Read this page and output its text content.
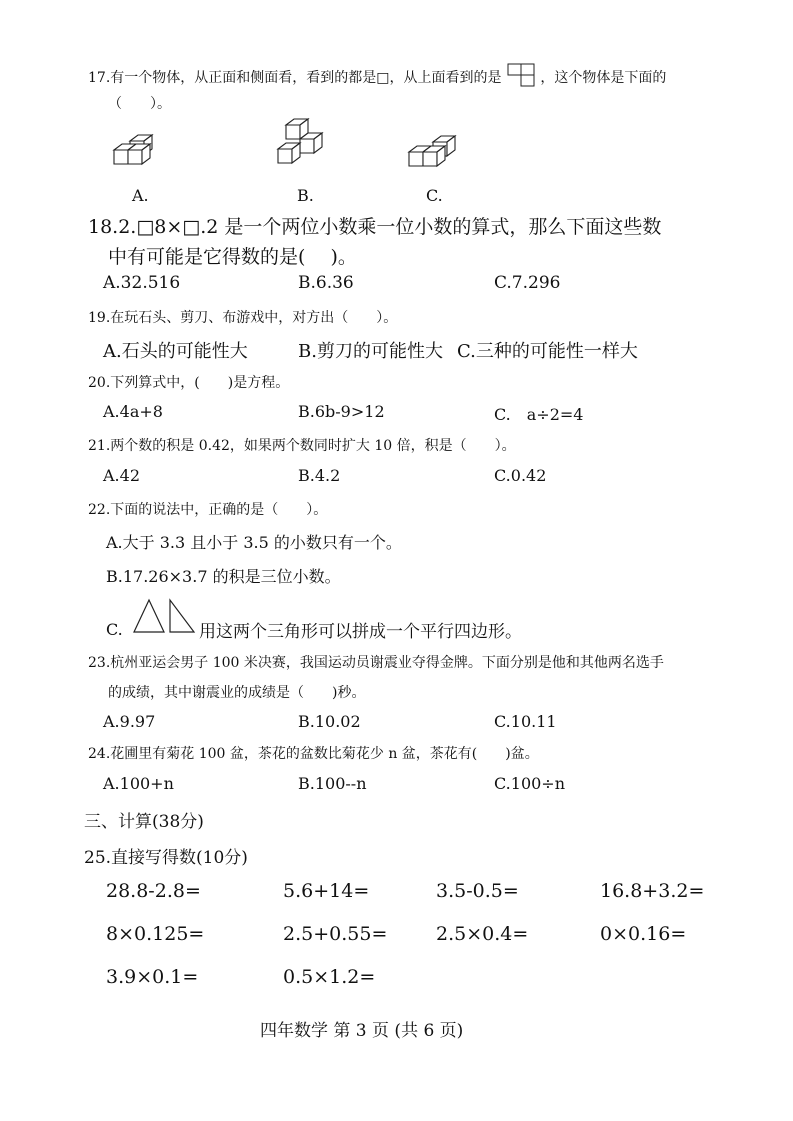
17.有一个物体，从正面和侧面看，看到的都是□，从上面看到的是	，这个物体是下面的
（　　）。
A.	B.	C.
18.2.□8×□.2 是一个两位小数乘一位小数的算式，那么下面这些数
中有可能是它得数的是(　 )。
A.32.516	B.6.36	C.7.296
19.在玩石头、剪刀、布游戏中，对方出（　　）。
A.石头的可能性大	B.剪刀的可能性大 C.三种的可能性一样大
20.下列算式中，(　　)是方程。
A.4a+8	B.6b-9>12	C.　a÷2=4
21.两个数的积是 0.42，如果两个数同时扩大 10 倍，积是（　　）。
A.42	B.4.2	C.0.42
22.下面的说法中，正确的是（　　）。
A.大于 3.3 且小于 3.5 的小数只有一个。
B.17.26×3.7 的积是三位小数。
C.	用这两个三角形可以拼成一个平行四边形。
23.杭州亚运会男子 100 米决赛，我国运动员谢震业夺得金牌。下面分别是他和其他两名选手
的成绩，其中谢震业的成绩是（　　)秒。
A.9.97	B.10.02	C.10.11
24.花圃里有菊花 100 盆，茶花的盆数比菊花少 n 盆，茶花有(　　)盆。
A.100+n	B.100--n	C.100÷n
三、计算(38分)
25.直接写得数(10分)
28.8-2.8=	5.6+14=	3.5-0.5=	16.8+3.2=
8×0.125=	2.5+0.55=	2.5×0.4=	0×0.16=
3.9×0.1=	0.5×1.2=
四年数学 第 3 页 (共 6 页)
